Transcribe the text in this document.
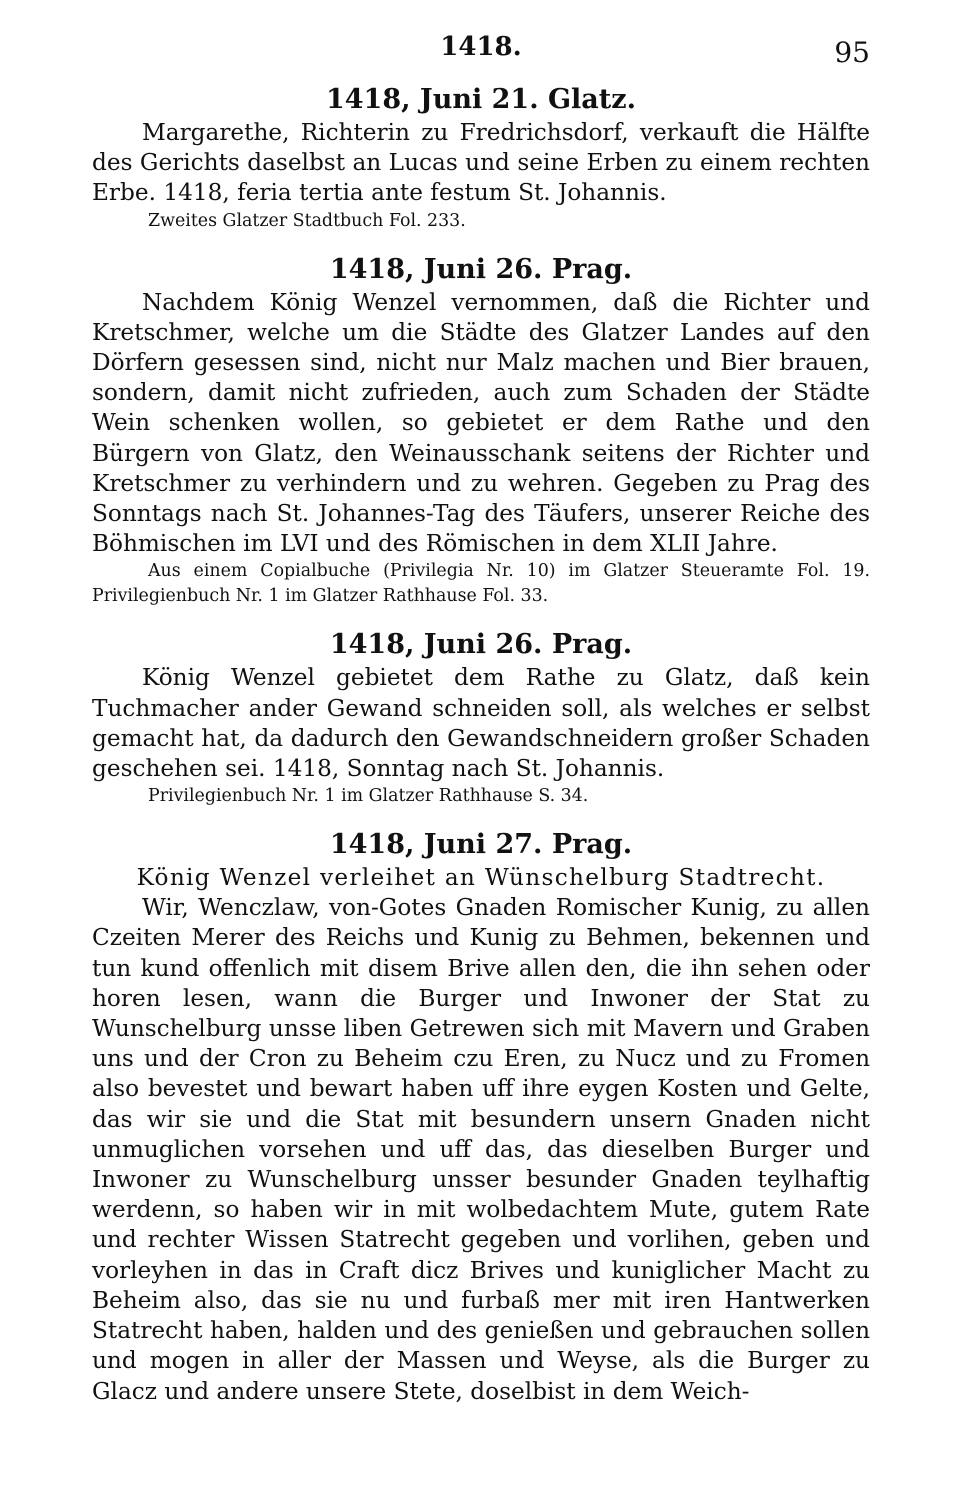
1418.	95

1418, Juni 21. Glatz.

Margarethe, Richterin zu Fredrichsdorf, verkauft die Hälfte des Gerichts daselbst an Lucas und seine Erben zu einem rechten Erbe. 1418, feria tertia ante festum St. Johannis.

Zweites Glatzer Stadtbuch Fol. 233.

1418, Juni 26. Prag.

Nachdem König Wenzel vernommen, daß die Richter und Kretschmer, welche um die Städte des Glatzer Landes auf den Dörfern gesessen sind, nicht nur Malz machen und Bier brauen, sondern, damit nicht zufrieden, auch zum Schaden der Städte Wein schenken wollen, so gebietet er dem Rathe und den Bürgern von Glatz, den Weinausschank seitens der Richter und Kretschmer zu verhindern und zu wehren. Gegeben zu Prag des Sonntags nach St. Johannes-Tag des Täufers, unserer Reiche des Böhmischen im LVI und des Römischen in dem XLII Jahre.

Aus einem Copialbuche (Privilegia Nr. 10) im Glatzer Steueramte Fol. 19. Privilegienbuch Nr. 1 im Glatzer Rathhause Fol. 33.

1418, Juni 26. Prag.

König Wenzel gebietet dem Rathe zu Glatz, daß kein Tuchmacher ander Gewand schneiden soll, als welches er selbst gemacht hat, da dadurch den Gewandschneidern großer Schaden geschehen sei. 1418, Sonntag nach St. Johannis.

Privilegienbuch Nr. 1 im Glatzer Rathhause S. 34.

1418, Juni 27. Prag.

König Wenzel verleihet an Wünschelburg Stadtrecht.

Wir, Wenczlaw, von-Gotes Gnaden Romischer Kunig, zu allen Czeiten Merer des Reichs und Kunig zu Behmen, bekennen und tun kund offenlich mit disem Brive allen den, die ihn sehen oder horen lesen, wann die Burger und Inwoner der Stat zu Wunschelburg unsse liben Getrewen sich mit Mavern und Graben uns und der Cron zu Beheim czu Eren, zu Nucz und zu Fromen also bevestet und bewart haben uff ihre eygen Kosten und Gelte, das wir sie und die Stat mit besundern unsern Gnaden nicht unmuglichen vorsehen und uff das, das dieselben Burger und Inwoner zu Wunschelburg unsser besunder Gnaden teylhaftig werdenn, so haben wir in mit wolbedachtem Mute, gutem Rate und rechter Wissen Statrecht gegeben und vorlihen, geben und vorleyhen in das in Craft dicz Brives und kuniglicher Macht zu Beheim also, das sie nu und furbaß mer mit iren Hantwerken Statrecht haben, halden und des genießen und gebrauchen sollen und mogen in aller der Massen und Weyse, als die Burger zu Glacz und andere unsere Stete, doselbist in dem Weich-
